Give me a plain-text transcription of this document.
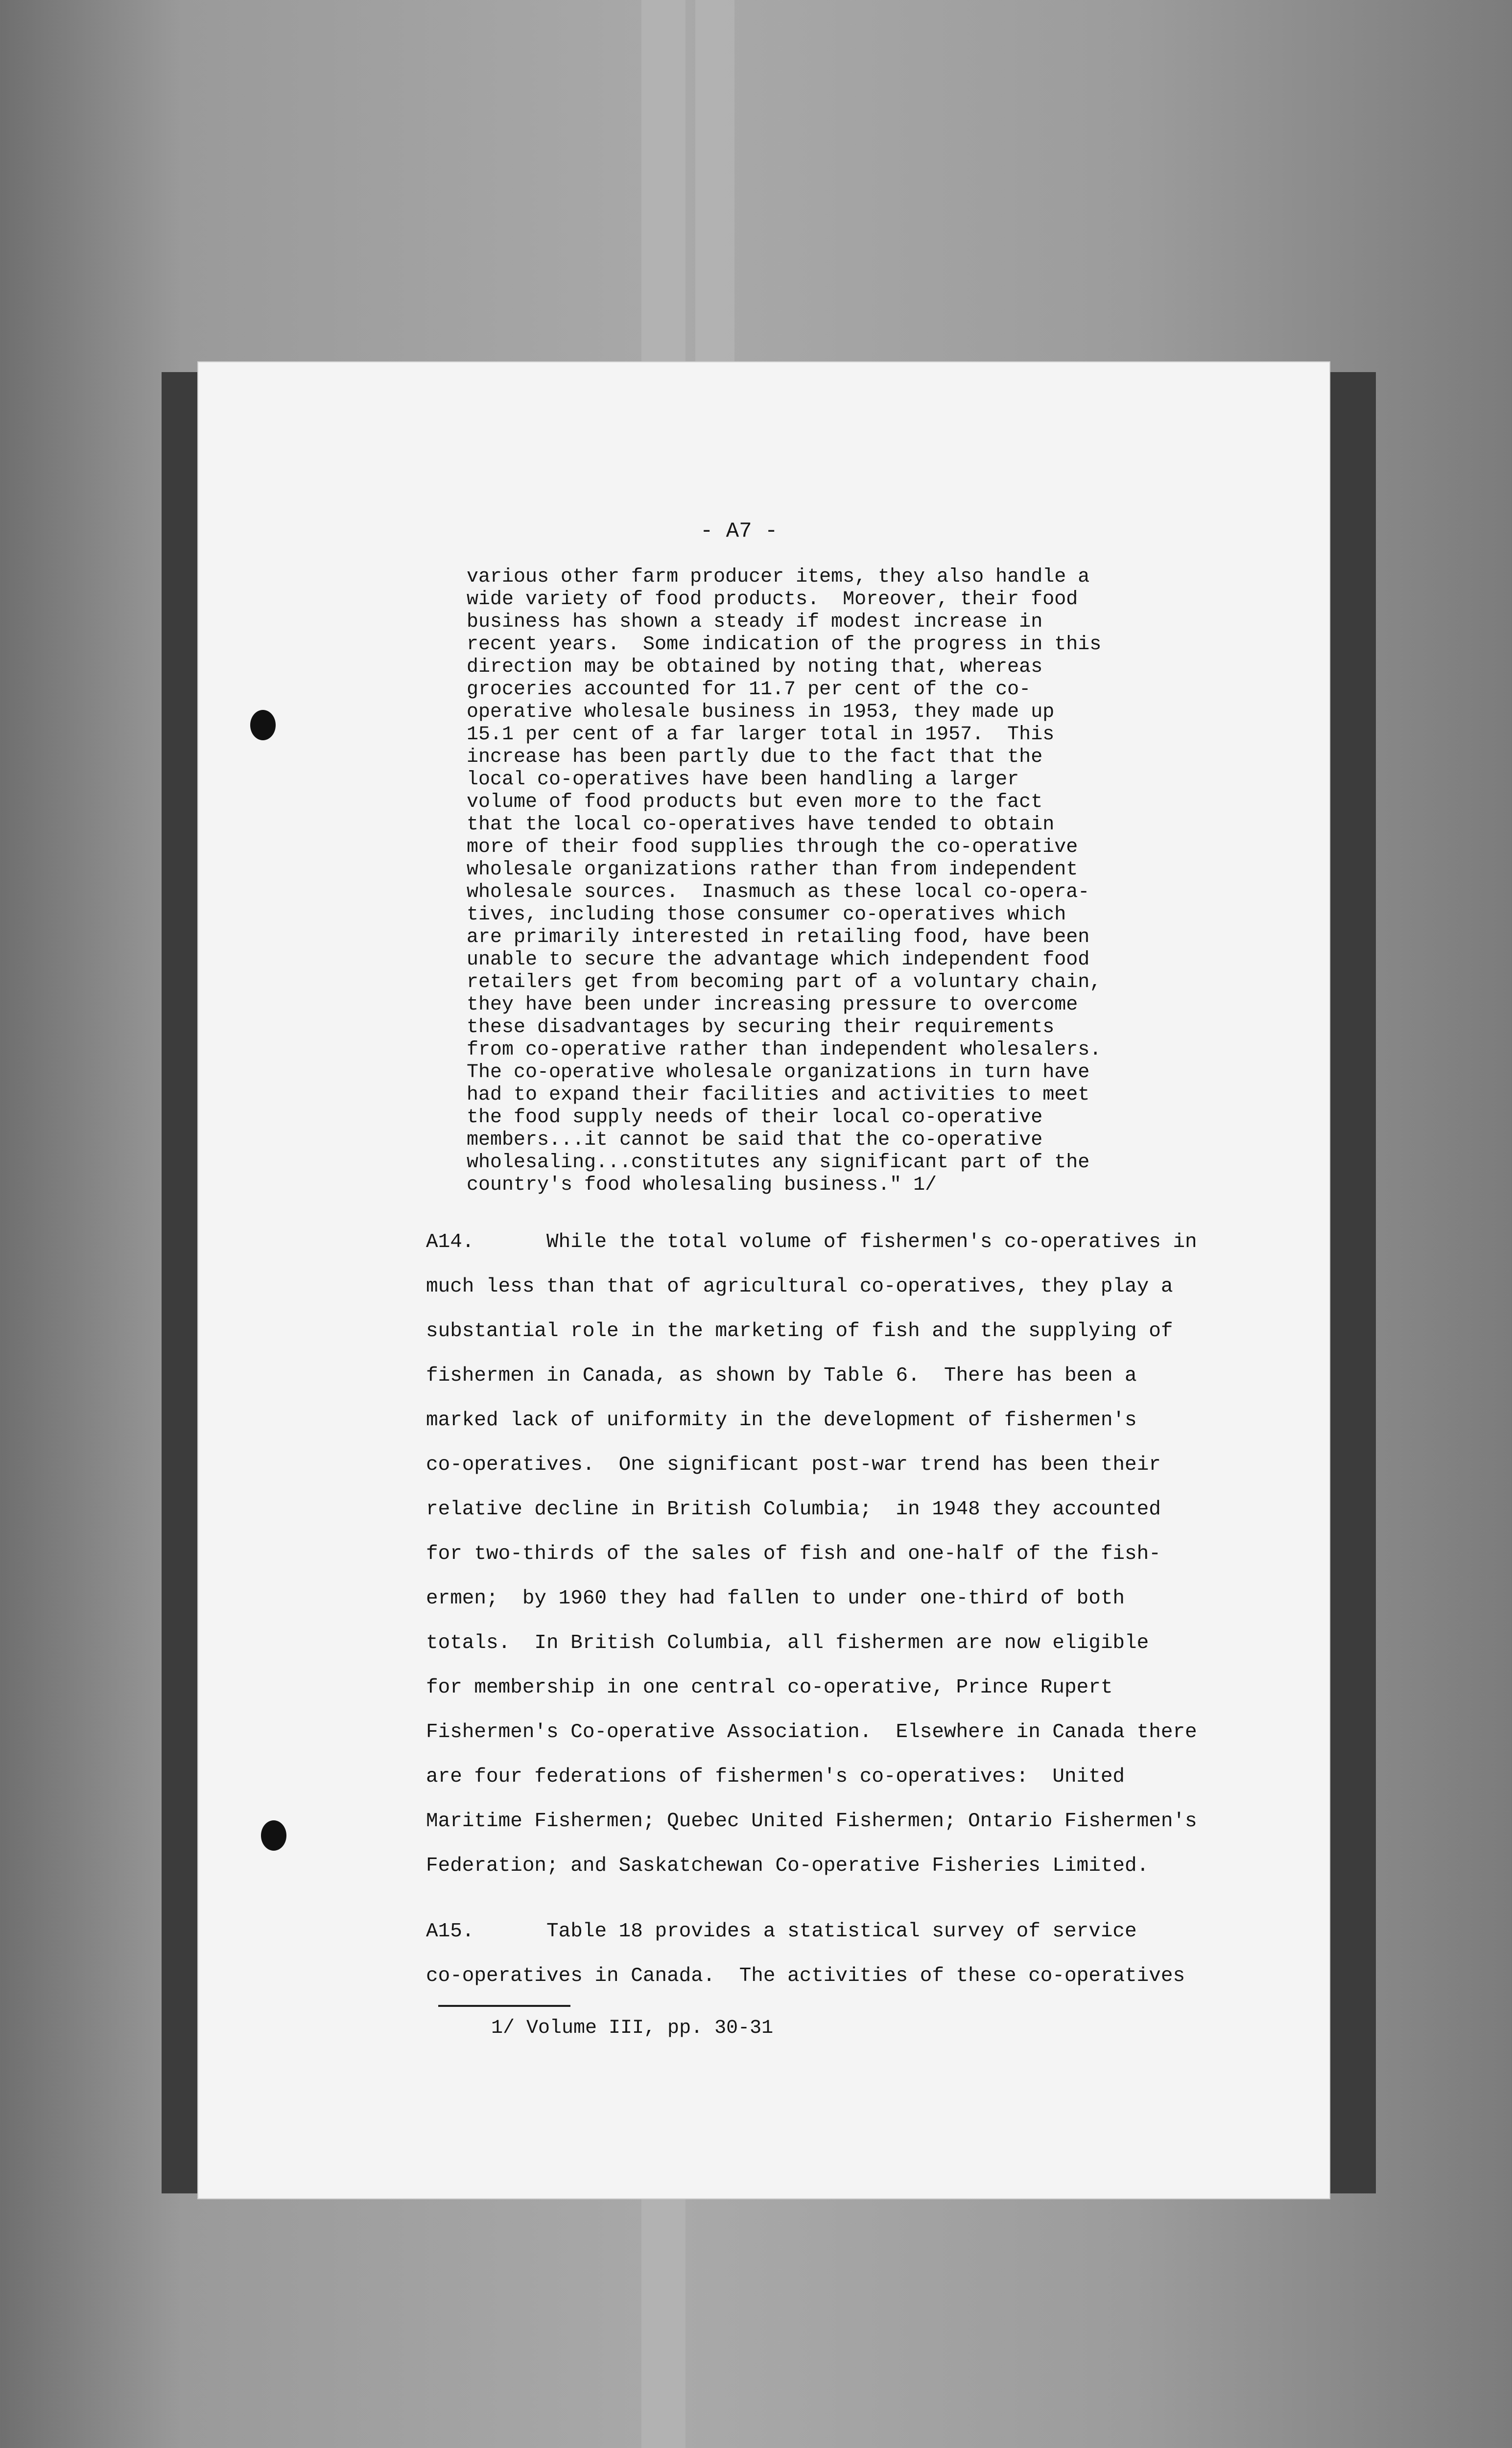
- A7 -
various other farm producer items, they also handle a
wide variety of food products.  Moreover, their food
business has shown a steady if modest increase in
recent years.  Some indication of the progress in this
direction may be obtained by noting that, whereas
groceries accounted for 11.7 per cent of the co-
operative wholesale business in 1953, they made up
15.1 per cent of a far larger total in 1957.  This
increase has been partly due to the fact that the
local co-operatives have been handling a larger
volume of food products but even more to the fact
that the local co-operatives have tended to obtain
more of their food supplies through the co-operative
wholesale organizations rather than from independent
wholesale sources.  Inasmuch as these local co-opera-
tives, including those consumer co-operatives which
are primarily interested in retailing food, have been
unable to secure the advantage which independent food
retailers get from becoming part of a voluntary chain,
they have been under increasing pressure to overcome
these disadvantages by securing their requirements
from co-operative rather than independent wholesalers.
The co-operative wholesale organizations in turn have
had to expand their facilities and activities to meet
the food supply needs of their local co-operative
members...it cannot be said that the co-operative
wholesaling...constitutes any significant part of the
country's food wholesaling business." 1/
A14.      While the total volume of fishermen's co-operatives in
much less than that of agricultural co-operatives, they play a
substantial role in the marketing of fish and the supplying of
fishermen in Canada, as shown by Table 6.  There has been a
marked lack of uniformity in the development of fishermen's
co-operatives.  One significant post-war trend has been their
relative decline in British Columbia;  in 1948 they accounted
for two-thirds of the sales of fish and one-half of the fish-
ermen;  by 1960 they had fallen to under one-third of both
totals.  In British Columbia, all fishermen are now eligible
for membership in one central co-operative, Prince Rupert
Fishermen's Co-operative Association.  Elsewhere in Canada there
are four federations of fishermen's co-operatives:  United
Maritime Fishermen; Quebec United Fishermen; Ontario Fishermen's
Federation; and Saskatchewan Co-operative Fisheries Limited.
A15.      Table 18 provides a statistical survey of service
co-operatives in Canada.  The activities of these co-operatives
1/ Volume III, pp. 30-31
